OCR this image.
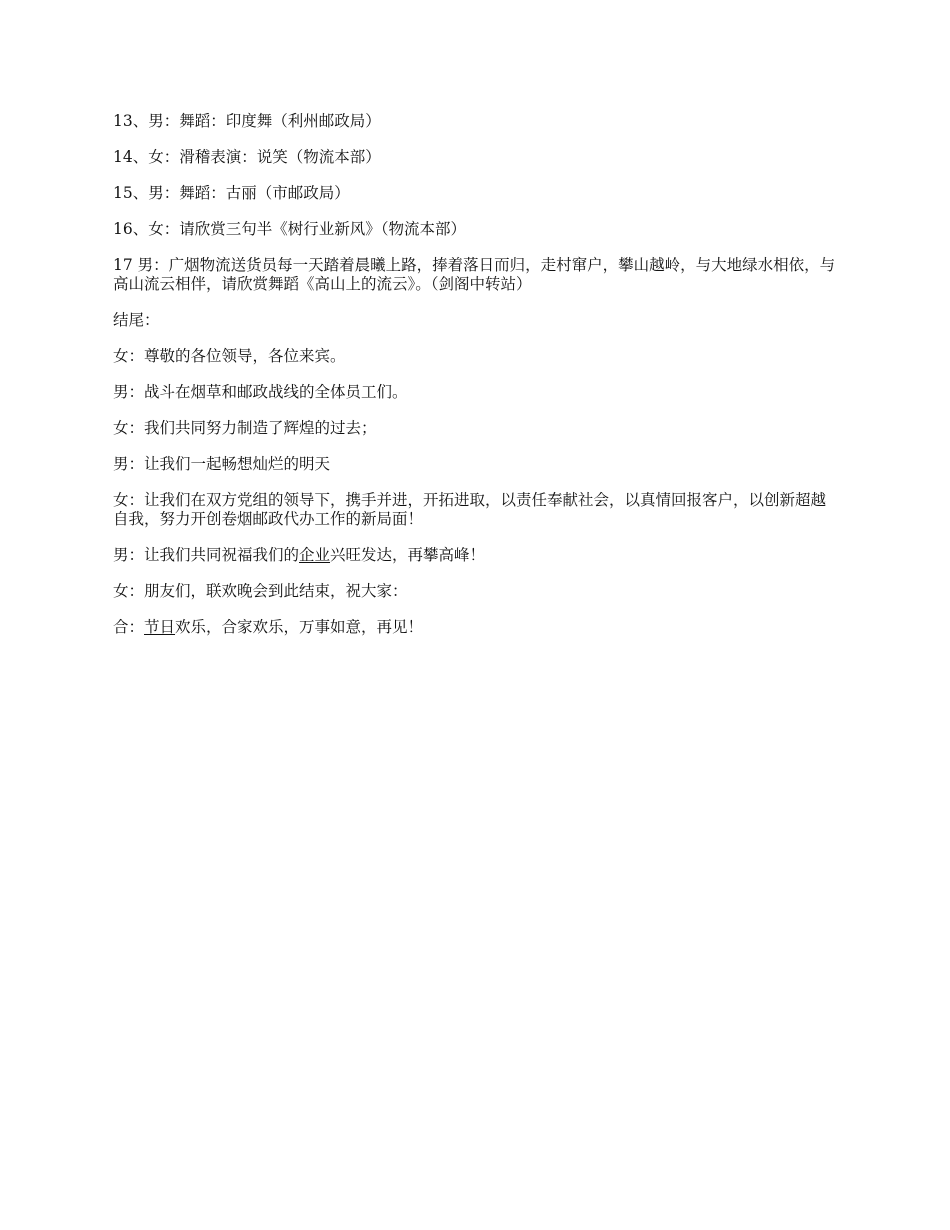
13、男：舞蹈：印度舞（利州邮政局）

14、女：滑稽表演：说笑（物流本部）

15、男：舞蹈：古丽（市邮政局）

16、女：请欣赏三句半《树行业新风》（物流本部）

17 男：广烟物流送货员每一天踏着晨曦上路，捧着落日而归，走村窜户，攀山越岭，与大地绿水相依，与高山流云相伴，请欣赏舞蹈《高山上的流云》。（剑阁中转站）

结尾：

女：尊敬的各位领导，各位来宾。

男：战斗在烟草和邮政战线的全体员工们。

女：我们共同努力制造了辉煌的过去；

男：让我们一起畅想灿烂的明天

女：让我们在双方党组的领导下，携手并进，开拓进取，以责任奉献社会，以真情回报客户，以创新超越自我，努力开创卷烟邮政代办工作的新局面！

男：让我们共同祝福我们的企业兴旺发达，再攀高峰！

女：朋友们，联欢晚会到此结束，祝大家：

合：节日欢乐，合家欢乐，万事如意，再见！
